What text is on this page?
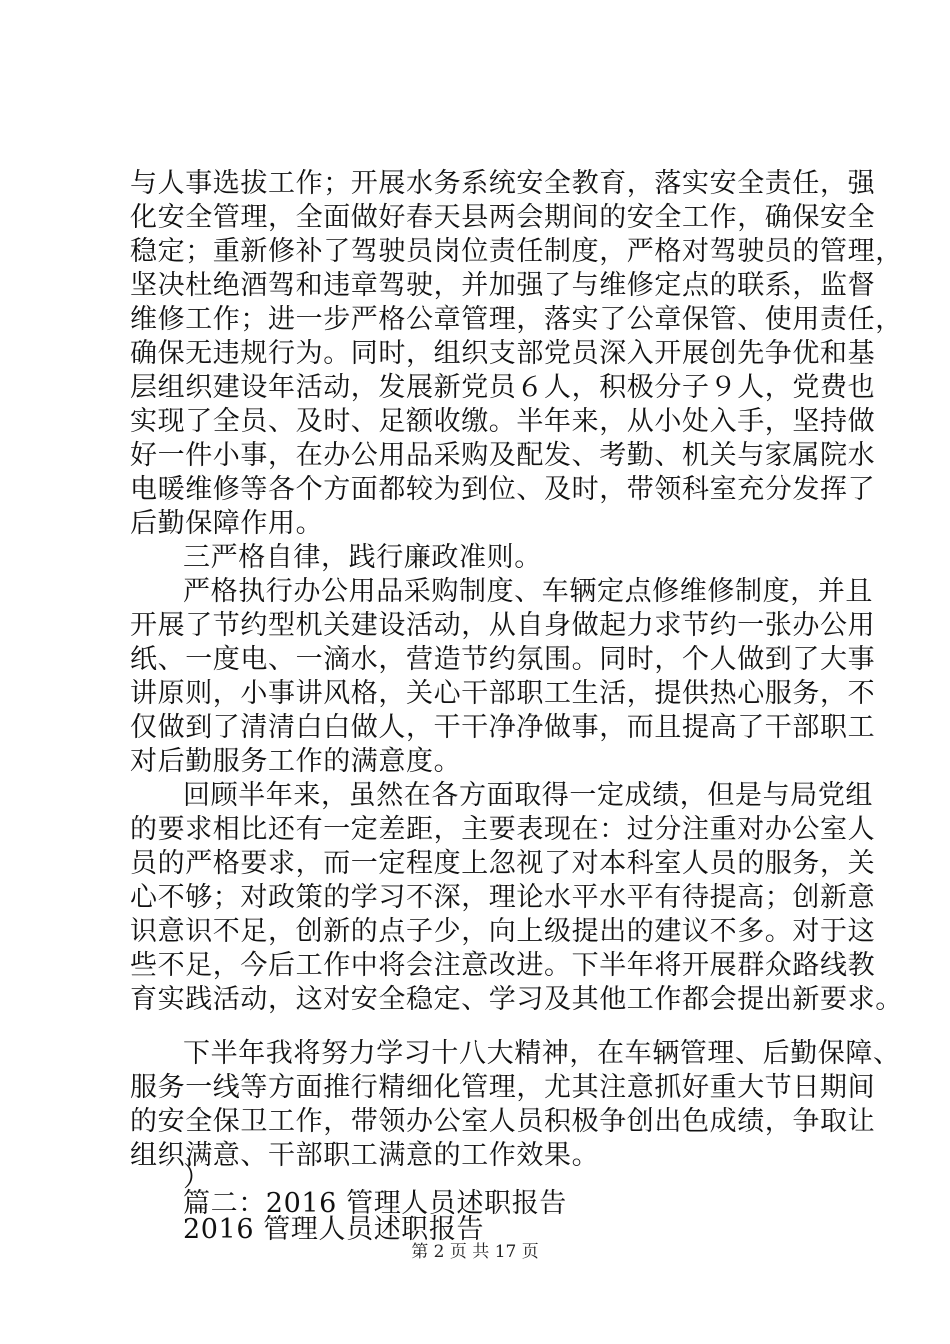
与人事选拔工作；开展水务系统安全教育，落实安全责任，强
化安全管理，全面做好春天县两会期间的安全工作，确保安全
稳定；重新修补了驾驶员岗位责任制度，严格对驾驶员的管理，
坚决杜绝酒驾和违章驾驶，并加强了与维修定点的联系，监督
维修工作；进一步严格公章管理，落实了公章保管、使用责任，
确保无违规行为。同时，组织支部党员深入开展创先争优和基
层组织建设年活动，发展新党员６人，积极分子９人，党费也
实现了全员、及时、足额收缴。半年来，从小处入手，坚持做
好一件小事，在办公用品采购及配发、考勤、机关与家属院水
电暖维修等各个方面都较为到位、及时，带领科室充分发挥了
后勤保障作用。
三严格自律，践行廉政准则。
严格执行办公用品采购制度、车辆定点修维修制度，并且
开展了节约型机关建设活动，从自身做起力求节约一张办公用
纸、一度电、一滴水，营造节约氛围。同时，个人做到了大事
讲原则，小事讲风格，关心干部职工生活，提供热心服务，不
仅做到了清清白白做人，干干净净做事，而且提高了干部职工
对后勤服务工作的满意度。
回顾半年来，虽然在各方面取得一定成绩，但是与局党组
的要求相比还有一定差距，主要表现在：过分注重对办公室人
员的严格要求，而一定程度上忽视了对本科室人员的服务，关
心不够；对政策的学习不深，理论水平水平有待提高；创新意
识意识不足，创新的点子少，向上级提出的建议不多。对于这
些不足，今后工作中将会注意改进。下半年将开展群众路线教
育实践活动，这对安全稳定、学习及其他工作都会提出新要求。
下半年我将努力学习十八大精神，在车辆管理、后勤保障、
服务一线等方面推行精细化管理，尤其注意抓好重大节日期间
的安全保卫工作，带领办公室人员积极争创出色成绩，争取让
组织满意、干部职工满意的工作效果。
）
篇二：2016 管理人员述职报告
2016 管理人员述职报告
第 2 页 共 17 页
